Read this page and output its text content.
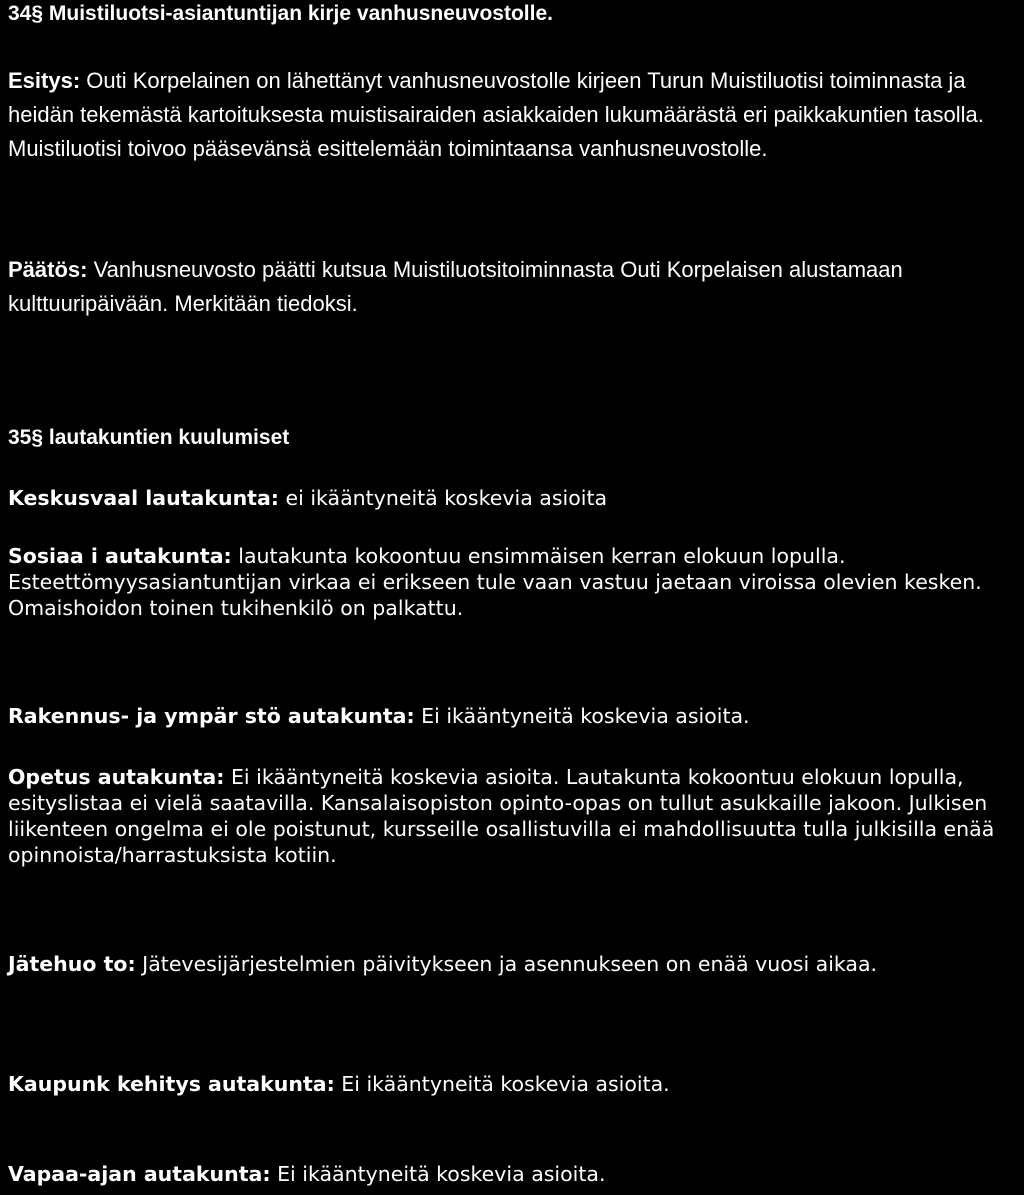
34§ Muistiluotsi-asiantuntijan kirje vanhusneuvostolle.

Esitys: Outi Korpelainen on lähettänyt vanhusneuvostolle kirjeen Turun Muistiluotisi toiminnasta ja heidän tekemästä kartoituksesta muistisairaiden asiakkaiden lukumäärästä eri paikkakuntien tasolla. Muistiluotisi toivoo pääsevänsä esittelemään toimintaansa vanhusneuvostolle.

Päätös: Vanhusneuvosto päätti kutsua Muistiluotsitoiminnasta Outi Korpelaisen alustamaan kulttuuripäivään. Merkitään tiedoksi.

35§ lautakuntien kuulumiset

Keskusvaal lautakunta: ei ikääntyneitä koskevia asioita

Sosiaa i autakunta: lautakunta kokoontuu ensimmäisen kerran elokuun lopulla. Esteettömyysasiantuntijan virkaa ei erikseen tule vaan vastuu jaetaan viroissa olevien kesken. Omaishoidon toinen tukihenkilö on palkattu.

Rakennus- ja ympär stö autakunta: Ei ikääntyneitä koskevia asioita.

Opetus autakunta: Ei ikääntyneitä koskevia asioita. Lautakunta kokoontuu elokuun lopulla, esityslistaa ei vielä saatavilla. Kansalaisopiston opinto-opas on tullut asukkaille jakoon. Julkisen liikenteen ongelma ei ole poistunut, kursseille osallistuvilla ei mahdollisuutta tulla julkisilla enää opinnoista/harrastuksista kotiin.

Jätehuo to: Jätevesijärjestelmien päivitykseen ja asennukseen on enää vuosi aikaa.

Kaupunk kehitys autakunta: Ei ikääntyneitä koskevia asioita.

Vapaa-ajan autakunta: Ei ikääntyneitä koskevia asioita.
